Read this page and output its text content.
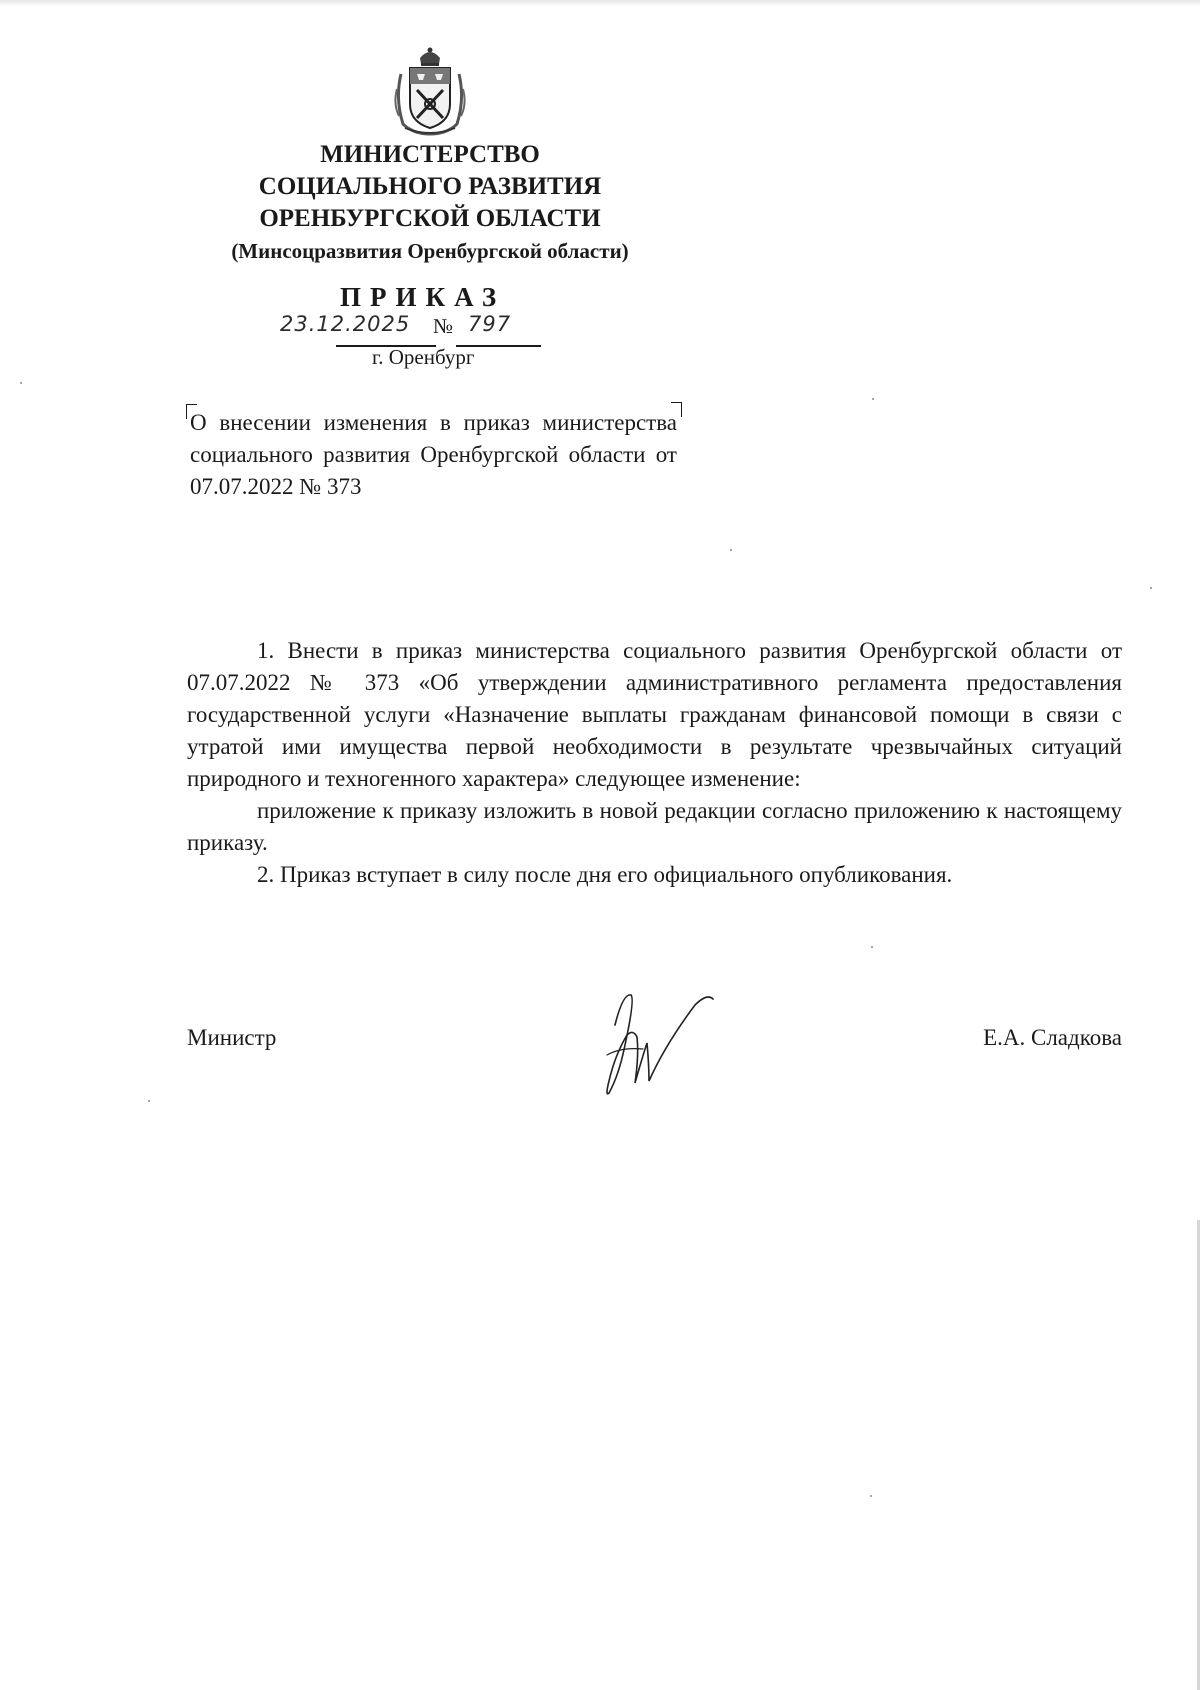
МИНИСТЕРСТВО
СОЦИАЛЬНОГО РАЗВИТИЯ
ОРЕНБУРГСКОЙ ОБЛАСТИ
(Минсоцразвития Оренбургской области)
ПРИКАЗ
23.12.2025 № 797
г. Оренбург
О внесении изменения в приказ министерства социального развития Оренбургской области от 07.07.2022 № 373

1. Внести в приказ министерства социального развития Оренбургской области от 07.07.2022 № 373 «Об утверждении административного регламента предоставления государственной услуги «Назначение выплаты гражданам финансовой помощи в связи с утратой ими имущества первой необходимости в результате чрезвычайных ситуаций природного и техногенного характера» следующее изменение:

приложение к приказу изложить в новой редакции согласно приложению к настоящему приказу.

2. Приказ вступает в силу после дня его официального опубликования.

Министр	Е.А. Сладкова
